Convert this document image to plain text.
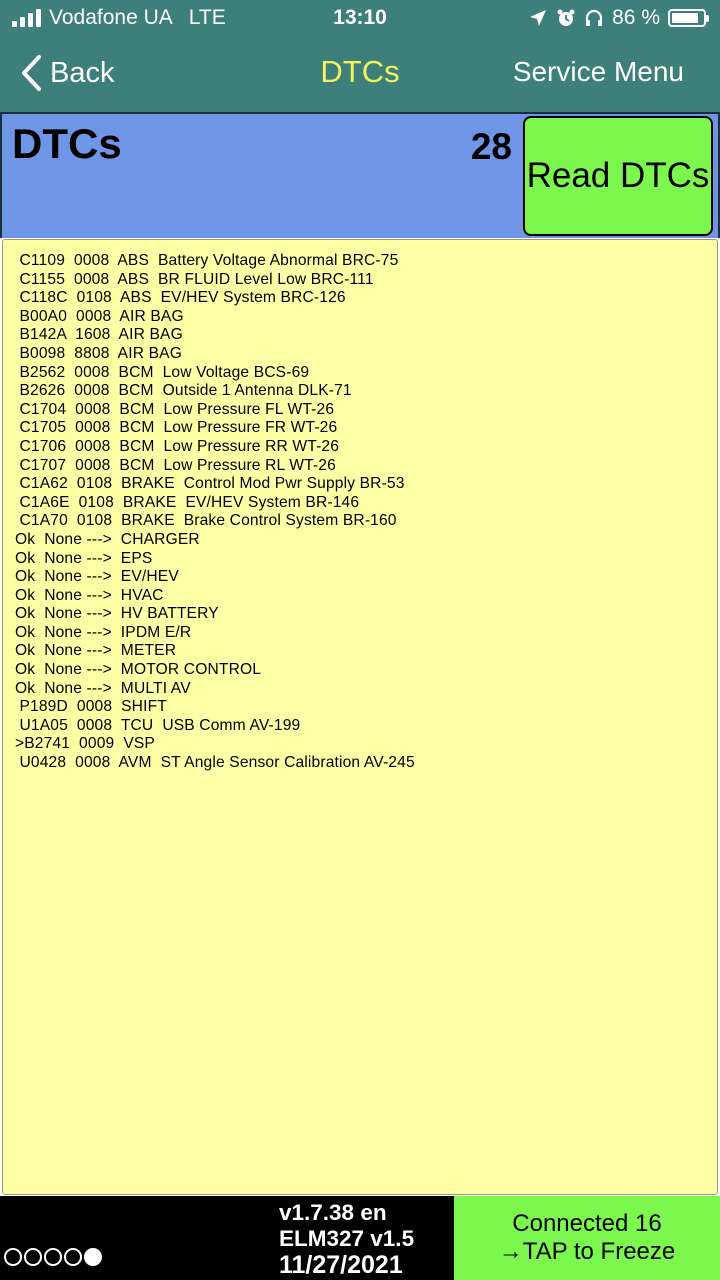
Vodafone UA LTE	13:10	86 %
Back	DTCs	Service Menu
DTCs	28
Read DTCs
C1109  0008  ABS  Battery Voltage Abnormal BRC-75
C1155  0008  ABS  BR FLUID Level Low BRC-111
C118C  0108  ABS  EV/HEV System BRC-126
B00A0  0008  AIR BAG
B142A  1608  AIR BAG
B0098  8808  AIR BAG
B2562  0008  BCM  Low Voltage BCS-69
B2626  0008  BCM  Outside 1 Antenna DLK-71
C1704  0008  BCM  Low Pressure FL WT-26
C1705  0008  BCM  Low Pressure FR WT-26
C1706  0008  BCM  Low Pressure RR WT-26
C1707  0008  BCM  Low Pressure RL WT-26
C1A62  0108  BRAKE  Control Mod Pwr Supply BR-53
C1A6E  0108  BRAKE  EV/HEV System BR-146
C1A70  0108  BRAKE  Brake Control System BR-160
Ok  None --->  CHARGER
Ok  None --->  EPS
Ok  None --->  EV/HEV
Ok  None --->  HVAC
Ok  None --->  HV BATTERY
Ok  None --->  IPDM E/R
Ok  None --->  METER
Ok  None --->  MOTOR CONTROL
Ok  None --->  MULTI AV
P189D  0008  SHIFT
U1A05  0008  TCU  USB Comm AV-199
>B2741  0009  VSP
U0428  0008  AVM  ST Angle Sensor Calibration AV-245
v1.7.38 en
ELM327 v1.5
11/27/2021
Connected 16
→TAP to Freeze
